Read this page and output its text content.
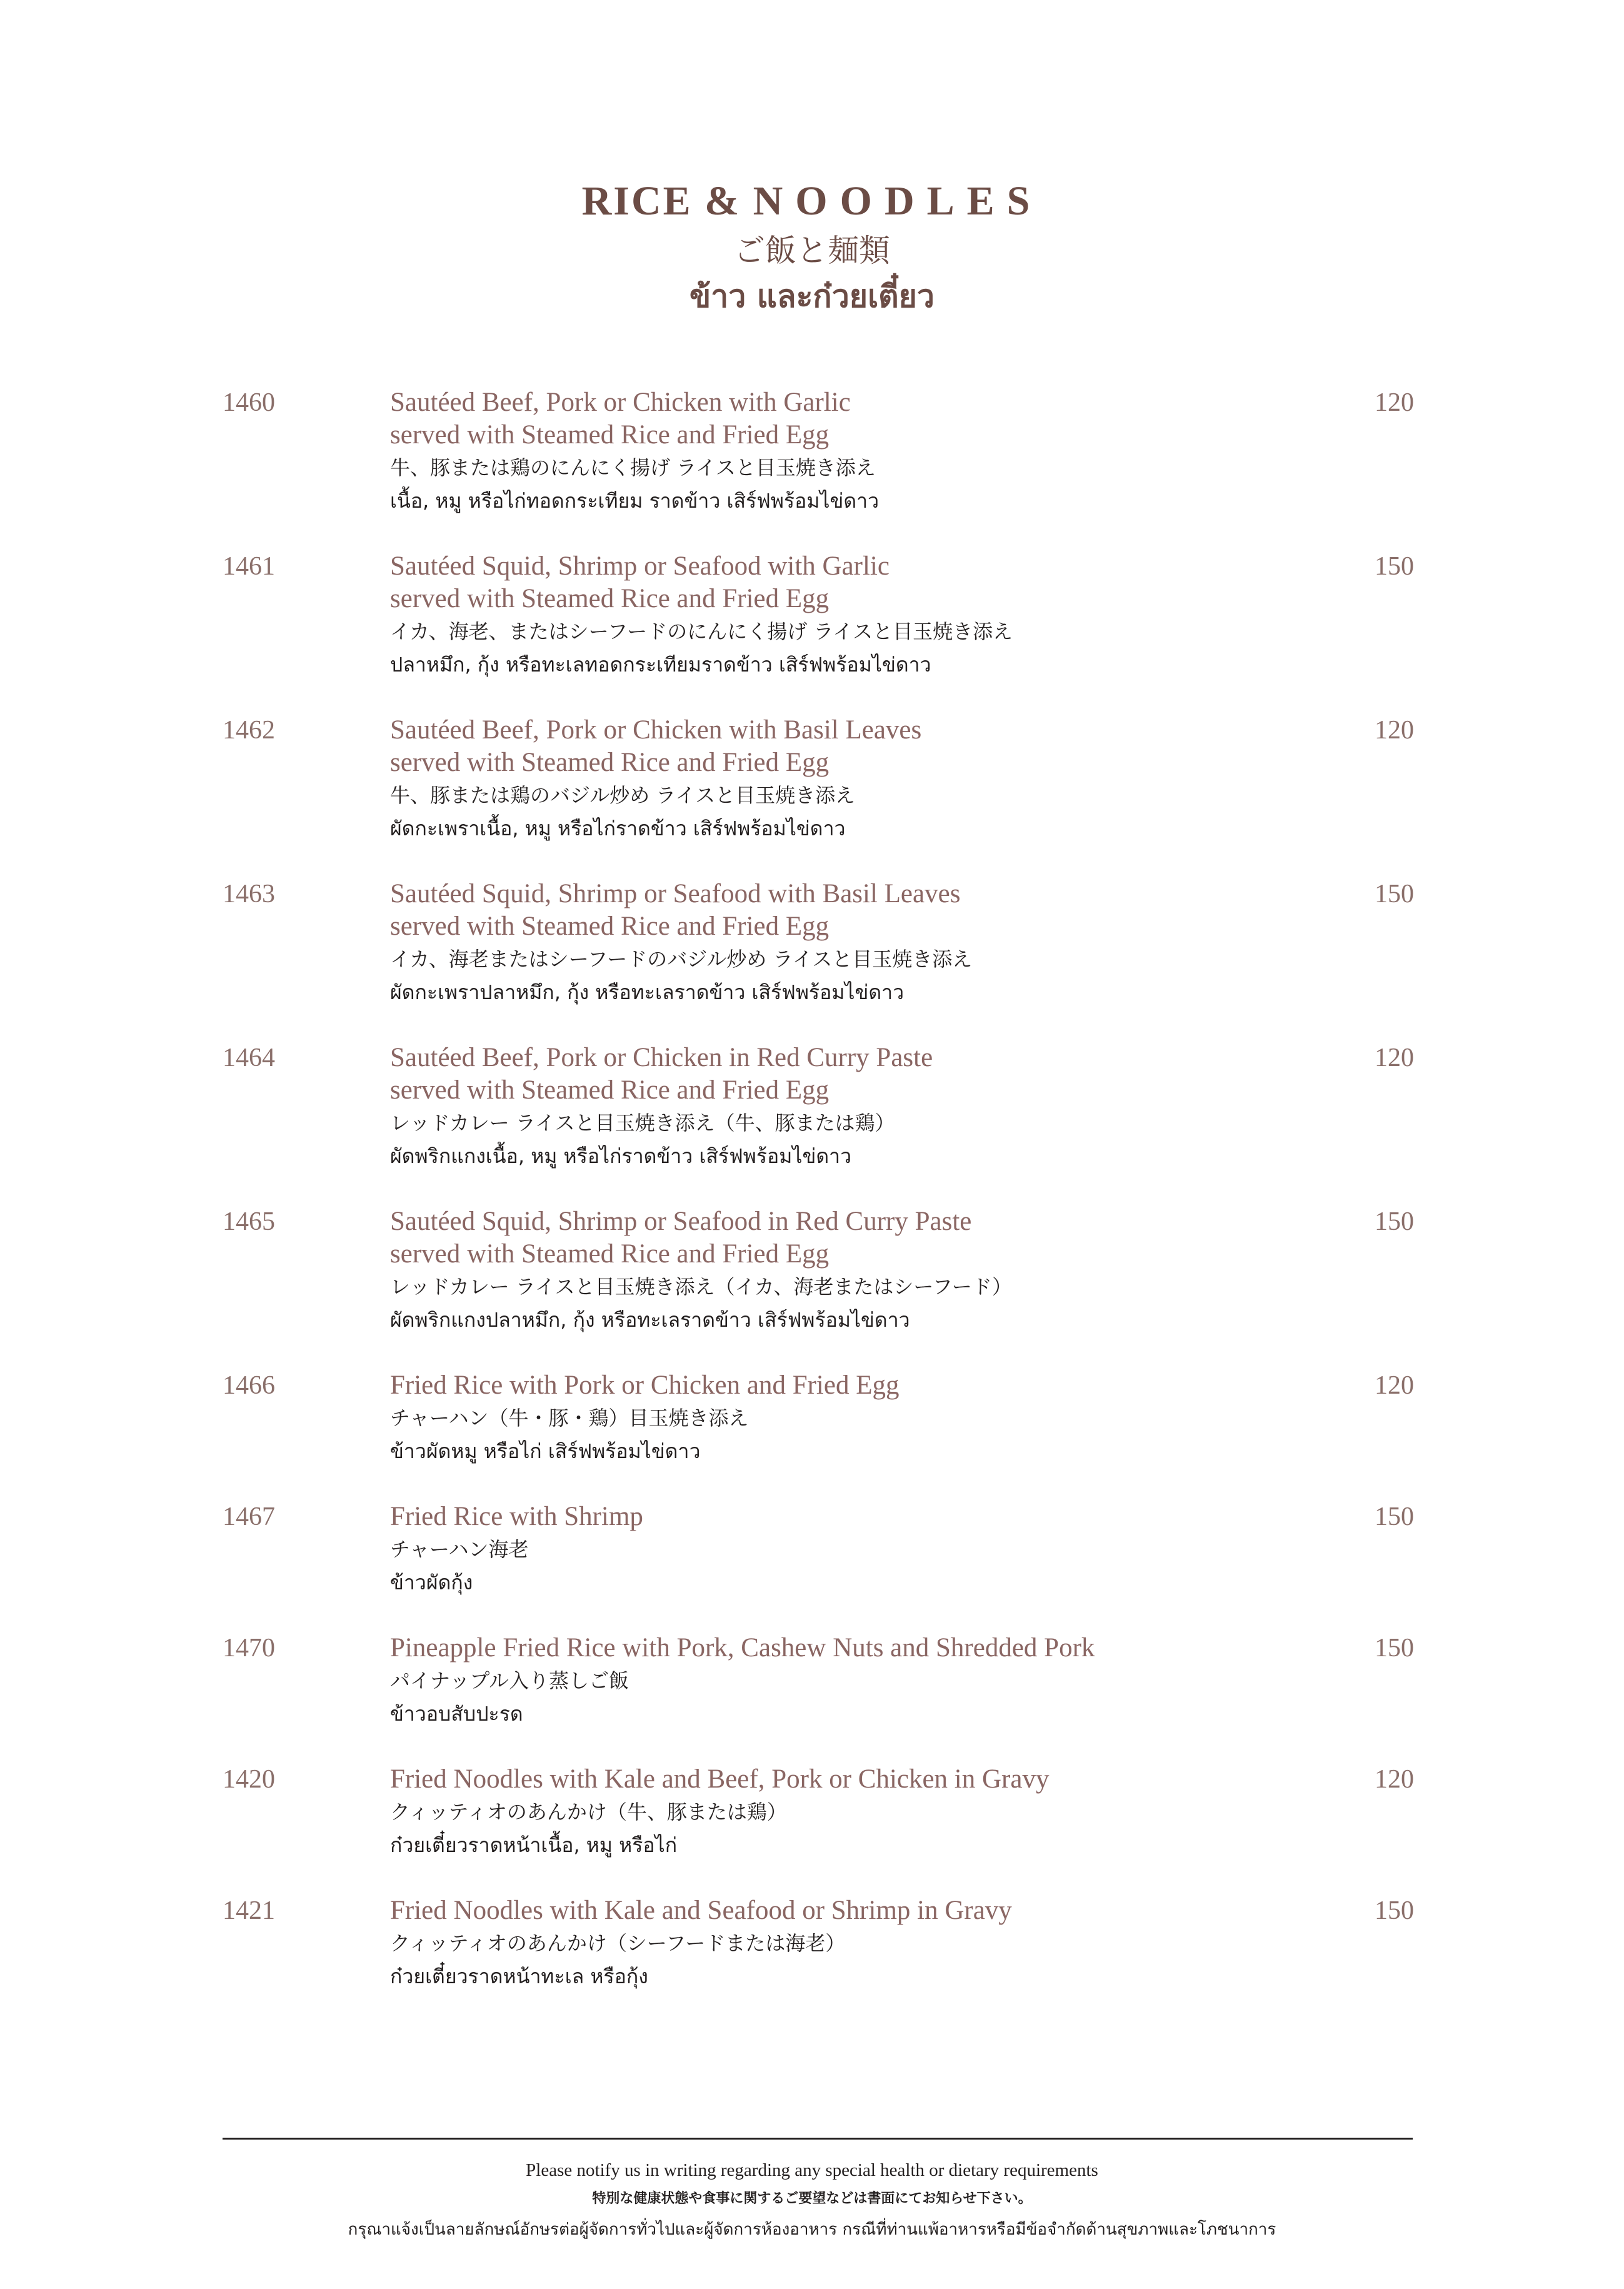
RICE & NOODLES
ご飯と麺類
ข้าว และก๋วยเตี๋ยว
1460	Sautéed Beef, Pork or Chicken with Garlic
served with Steamed Rice and Fried Egg
牛、豚または鶏のにんにく揚げ ライスと目玉焼き添え
เนื้อ, หมู หรือไก่ทอดกระเทียม ราดข้าว เสิร์ฟพร้อมไข่ดาว
120
1461	Sautéed Squid, Shrimp or Seafood with Garlic
served with Steamed Rice and Fried Egg
イカ、海老、またはシーフードのにんにく揚げ ライスと目玉焼き添え
ปลาหมึก, กุ้ง หรือทะเลทอดกระเทียมราดข้าว เสิร์ฟพร้อมไข่ดาว
150
1462	Sautéed Beef, Pork or Chicken with Basil Leaves
served with Steamed Rice and Fried Egg
牛、豚または鶏のバジル炒め ライスと目玉焼き添え
ผัดกะเพราเนื้อ, หมู หรือไก่ราดข้าว เสิร์ฟพร้อมไข่ดาว
120
1463	Sautéed Squid, Shrimp or Seafood with Basil Leaves
served with Steamed Rice and Fried Egg
イカ、海老またはシーフードのバジル炒め ライスと目玉焼き添え
ผัดกะเพราปลาหมึก, กุ้ง หรือทะเลราดข้าว เสิร์ฟพร้อมไข่ดาว
150
1464	Sautéed Beef, Pork or Chicken in Red Curry Paste
served with Steamed Rice and Fried Egg
レッドカレー ライスと目玉焼き添え（牛、豚または鶏）
ผัดพริกแกงเนื้อ, หมู หรือไก่ราดข้าว เสิร์ฟพร้อมไข่ดาว
120
1465	Sautéed Squid, Shrimp or Seafood in Red Curry Paste
served with Steamed Rice and Fried Egg
レッドカレー ライスと目玉焼き添え（イカ、海老またはシーフード）
ผัดพริกแกงปลาหมึก, กุ้ง หรือทะเลราดข้าว เสิร์ฟพร้อมไข่ดาว
150
1466	Fried Rice with Pork or Chicken and Fried Egg
チャーハン（牛・豚・鶏）目玉焼き添え
ข้าวผัดหมู หรือไก่ เสิร์ฟพร้อมไข่ดาว
120
1467	Fried Rice with Shrimp
チャーハン海老
ข้าวผัดกุ้ง
150
1470	Pineapple Fried Rice with Pork, Cashew Nuts and Shredded Pork
パイナップル入り蒸しご飯
ข้าวอบสับปะรด
150
1420	Fried Noodles with Kale and Beef, Pork or Chicken in Gravy
クィッティオのあんかけ（牛、豚または鶏）
ก๋วยเตี๋ยวราดหน้าเนื้อ, หมู หรือไก่
120
1421	Fried Noodles with Kale and Seafood or Shrimp in Gravy
クィッティオのあんかけ（シーフードまたは海老）
ก๋วยเตี๋ยวราดหน้าทะเล หรือกุ้ง
150
Please notify us in writing regarding any special health or dietary requirements
特別な健康状態や食事に関するご要望などは書面にてお知らせ下さい。
กรุณาแจ้งเป็นลายลักษณ์อักษรต่อผู้จัดการทั่วไปและผู้จัดการห้องอาหาร กรณีที่ท่านแพ้อาหารหรือมีข้อจำกัดด้านสุขภาพและโภชนาการ
